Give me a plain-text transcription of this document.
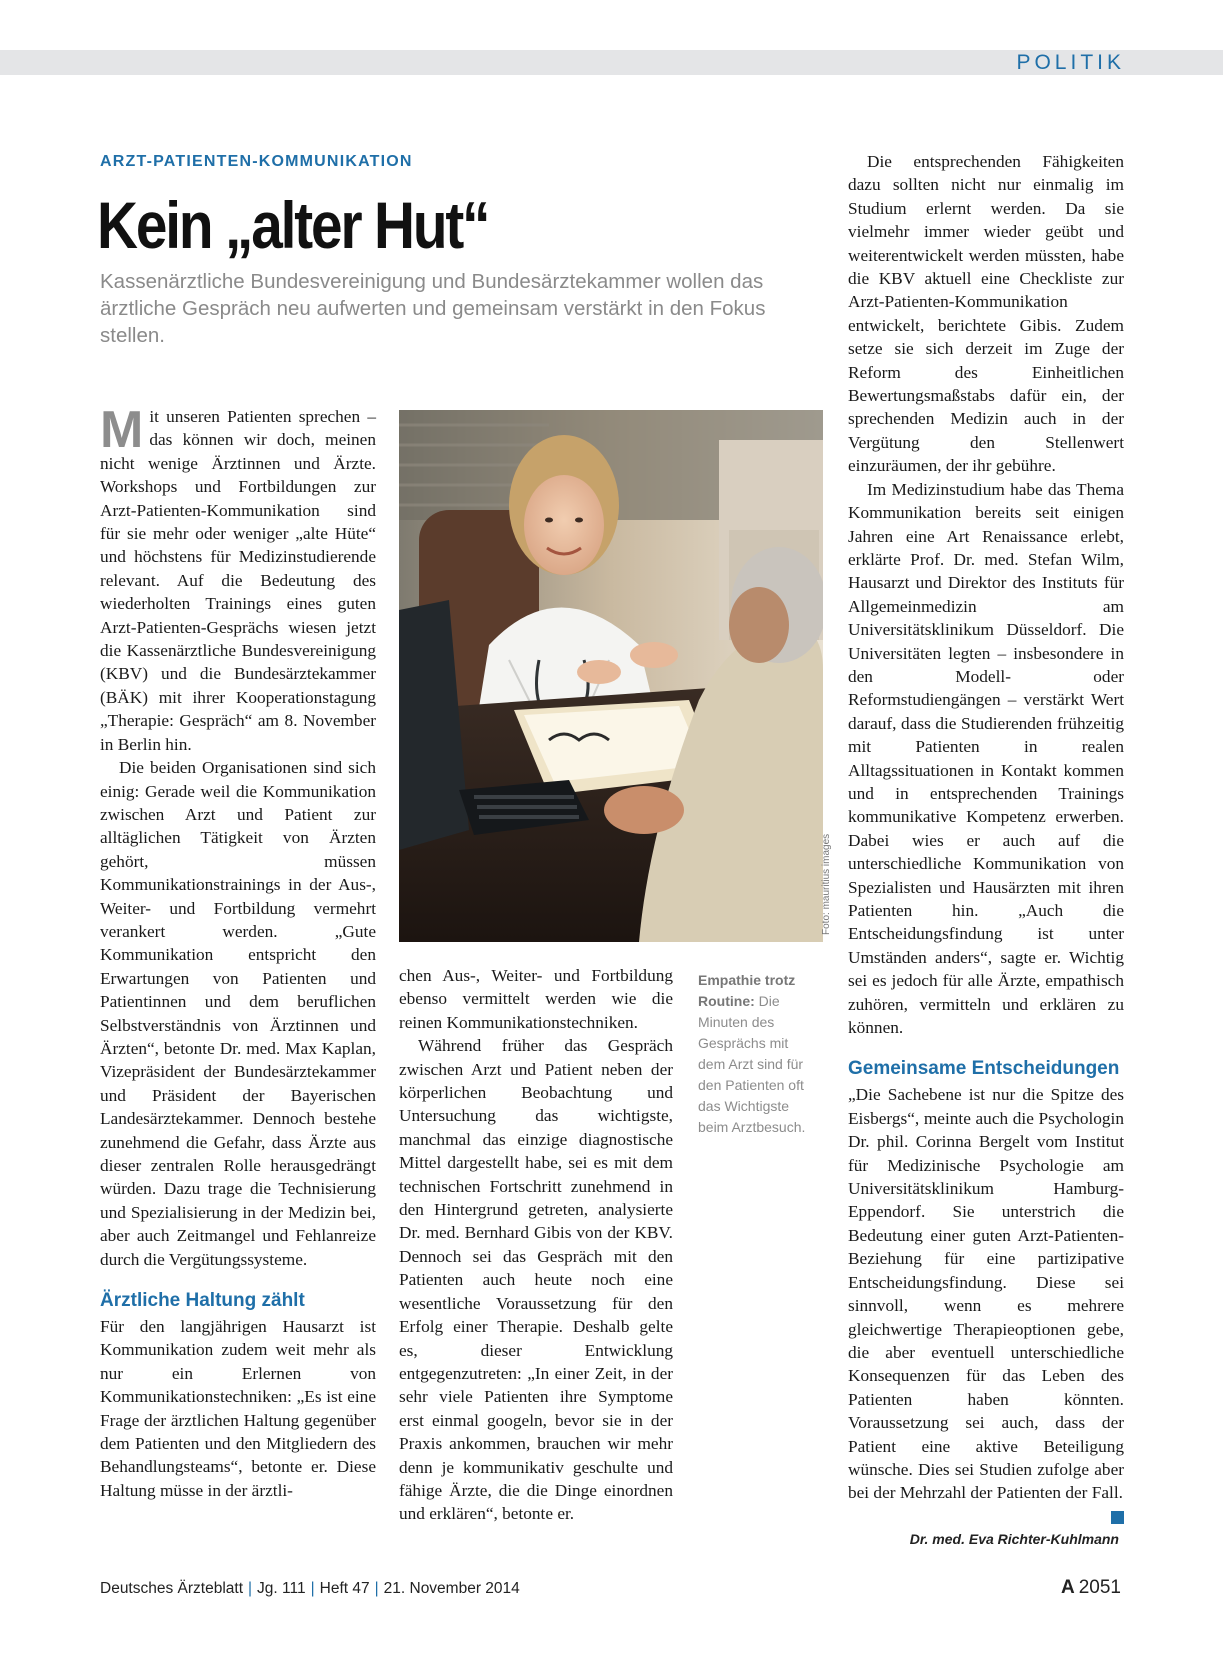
POLITIK
ARZT-PATIENTEN-KOMMUNIKATION
Kein „alter Hut“
Kassenärztliche Bundesvereinigung und Bundesärztekammer wollen das ärztliche Gespräch neu aufwerten und gemeinsam verstärkt in den Fokus stellen.

Mit unseren Patienten sprechen – das können wir doch, meinen nicht wenige Ärztinnen und Ärzte. Workshops und Fortbildungen zur Arzt-Patienten-Kommunikation sind für sie mehr oder weniger „alte Hüte“ und höchstens für Medizinstudierende relevant. Auf die Bedeutung des wiederholten Trainings eines guten Arzt-Patienten-Gesprächs wiesen jetzt die Kassenärztliche Bundesvereinigung (KBV) und die Bundesärztekammer (BÄK) mit ihrer Kooperationstagung „Therapie: Gespräch“ am 8. November in Berlin hin.

Die beiden Organisationen sind sich einig: Gerade weil die Kommunikation zwischen Arzt und Patient zur alltäglichen Tätigkeit von Ärzten gehört, müssen Kommunikationstrainings in der Aus-, Weiter- und Fortbildung vermehrt verankert werden. „Gute Kommunikation entspricht den Erwartungen von Patienten und Patientinnen und dem beruflichen Selbstverständnis von Ärztinnen und Ärzten“, betonte Dr. med. Max Kaplan, Vizepräsident der Bundesärztekammer und Präsident der Bayerischen Landesärztekammer. Dennoch bestehe zunehmend die Gefahr, dass Ärzte aus dieser zentralen Rolle herausgedrängt würden. Dazu trage die Technisierung und Spezialisierung in der Medizin bei, aber auch Zeitmangel und Fehlanreize durch die Vergütungssysteme.

Ärztliche Haltung zählt

Für den langjährigen Hausarzt ist Kommunikation zudem weit mehr als nur ein Erlernen von Kommunikationstechniken: „Es ist eine Frage der ärztlichen Haltung gegenüber dem Patienten und den Mitgliedern des Behandlungsteams“, betonte er. Diese Haltung müsse in der ärztli-

Foto: mauritius images
Empathie trotz Routine: Die Minuten des Gesprächs mit dem Arzt sind für den Patienten oft das Wichtigste beim Arztbesuch.

chen Aus-, Weiter- und Fortbildung ebenso vermittelt werden wie die reinen Kommunikationstechniken.

Während früher das Gespräch zwischen Arzt und Patient neben der körperlichen Beobachtung und Untersuchung das wichtigste, manchmal das einzige diagnostische Mittel dargestellt habe, sei es mit dem technischen Fortschritt zunehmend in den Hintergrund getreten, analysierte Dr. med. Bernhard Gibis von der KBV. Dennoch sei das Gespräch mit den Patienten auch heute noch eine wesentliche Voraussetzung für den Erfolg einer Therapie. Deshalb gelte es, dieser Entwicklung entgegenzutreten: „In einer Zeit, in der sehr viele Patienten ihre Symptome erst einmal googeln, bevor sie in der Praxis ankommen, brauchen wir mehr denn je kommunikativ geschulte und fähige Ärzte, die die Dinge einordnen und erklären“, betonte er.

Die entsprechenden Fähigkeiten dazu sollten nicht nur einmalig im Studium erlernt werden. Da sie vielmehr immer wieder geübt und weiterentwickelt werden müssten, habe die KBV aktuell eine Checkliste zur Arzt-Patienten-Kommunikation entwickelt, berichtete Gibis. Zudem setze sie sich derzeit im Zuge der Reform des Einheitlichen Bewertungsmaßstabs dafür ein, der sprechenden Medizin auch in der Vergütung den Stellenwert einzuräumen, der ihr gebühre.

Im Medizinstudium habe das Thema Kommunikation bereits seit einigen Jahren eine Art Renaissance erlebt, erklärte Prof. Dr. med. Stefan Wilm, Hausarzt und Direktor des Instituts für Allgemeinmedizin am Universitätsklinikum Düsseldorf. Die Universitäten legten – insbesondere in den Modell- oder Reformstudiengängen – verstärkt Wert darauf, dass die Studierenden frühzeitig mit Patienten in realen Alltagssituationen in Kontakt kommen und in entsprechenden Trainings kommunikative Kompetenz erwerben. Dabei wies er auch auf die unterschiedliche Kommunikation von Spezialisten und Hausärzten mit ihren Patienten hin. „Auch die Entscheidungsfindung ist unter Umständen anders“, sagte er. Wichtig sei es jedoch für alle Ärzte, empathisch zuhören, vermitteln und erklären zu können.

Gemeinsame Entscheidungen

„Die Sachebene ist nur die Spitze des Eisbergs“, meinte auch die Psychologin Dr. phil. Corinna Bergelt vom Institut für Medizinische Psychologie am Universitätsklinikum Hamburg-Eppendorf. Sie unterstrich die Bedeutung einer guten Arzt-Patienten-Beziehung für eine partizipative Entscheidungsfindung. Diese sei sinnvoll, wenn es mehrere gleichwertige Therapieoptionen gebe, die aber eventuell unterschiedliche Konsequenzen für das Leben des Patienten haben könnten. Voraussetzung sei auch, dass der Patient eine aktive Beteiligung wünsche. Dies sei Studien zufolge aber bei der Mehrzahl der Patienten der Fall.

Dr. med. Eva Richter-Kuhlmann
Deutsches Ärzteblatt | Jg. 111 | Heft 47 | 21. November 2014	A 2051
